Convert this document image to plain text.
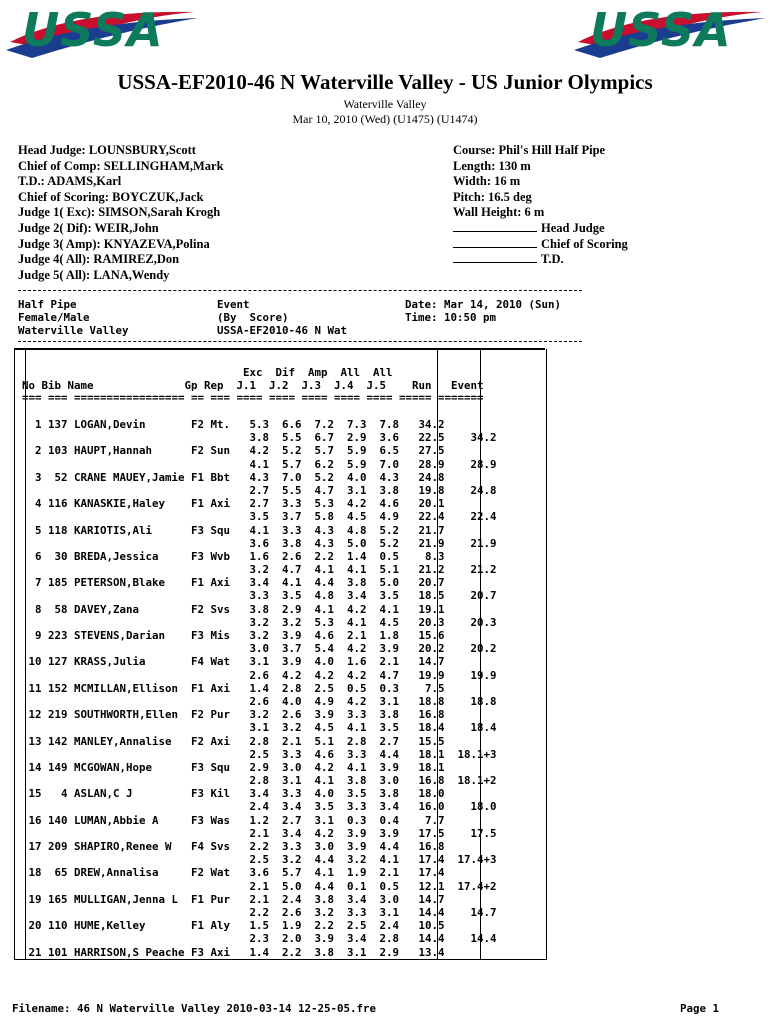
USSA	USSA
USSA-EF2010-46 N Waterville Valley - US Junior Olympics
Waterville Valley
Mar 10, 2010 (Wed) (U1475) (U1474)
Head Judge: LOUNSBURY,Scott
Chief of Comp: SELLINGHAM,Mark
T.D.: ADAMS,Karl
Chief of Scoring: BOYCZUK,Jack
Judge 1( Exc): SIMSON,Sarah Krogh
Judge 2( Dif): WEIR,John
Judge 3( Amp): KNYAZEVA,Polina
Judge 4( All): RAMIREZ,Don
Judge 5( All): LANA,Wendy
Course: Phil's Hill Half Pipe
Length: 130 m
Width: 16 m
Pitch: 16.5 deg
Wall Height: 6 m
Head Judge
Chief of Scoring
T.D.
Half Pipe	Event	Date: Mar 14, 2010 (Sun)
Female/Male	(By  Score)	Time: 10:50 pm
Waterville Valley	USSA-EF2010-46 N Wat
Exc  Dif  Amp  All  All
No Bib Name              Gp Rep  J.1  J.2  J.3  J.4  J.5    Run   Event
=== === ================= == === ==== ==== ==== ==== ==== ===== =======
1 137 LOGAN,Devin       F2 Mt.   5.3  6.6  7.2  7.3  7.8   34.2
3.8  5.5  6.7  2.9  3.6   22.5    34.2
2 103 HAUPT,Hannah      F2 Sun   4.2  5.2  5.7  5.9  6.5   27.5
4.1  5.7  6.2  5.9  7.0   28.9    28.9
3  52 CRANE MAUEY,Jamie F1 Bbt   4.3  7.0  5.2  4.0  4.3   24.8
2.7  5.5  4.7  3.1  3.8   19.8    24.8
4 116 KANASKIE,Haley    F1 Axi   2.7  3.3  5.3  4.2  4.6   20.1
3.5  3.7  5.8  4.5  4.9   22.4    22.4
5 118 KARIOTIS,Ali      F3 Squ   4.1  3.3  4.3  4.8  5.2   21.7
3.6  3.8  4.3  5.0  5.2   21.9    21.9
6  30 BREDA,Jessica     F3 Wvb   1.6  2.6  2.2  1.4  0.5    8.3
3.2  4.7  4.1  4.1  5.1   21.2    21.2
7 185 PETERSON,Blake    F1 Axi   3.4  4.1  4.4  3.8  5.0   20.7
3.3  3.5  4.8  3.4  3.5   18.5    20.7
8  58 DAVEY,Zana        F2 Svs   3.8  2.9  4.1  4.2  4.1   19.1
3.2  3.2  5.3  4.1  4.5   20.3    20.3
9 223 STEVENS,Darian    F3 Mis   3.2  3.9  4.6  2.1  1.8   15.6
3.0  3.7  5.4  4.2  3.9   20.2    20.2
10 127 KRASS,Julia       F4 Wat   3.1  3.9  4.0  1.6  2.1   14.7
2.6  4.2  4.2  4.2  4.7   19.9    19.9
11 152 MCMILLAN,Ellison  F1 Axi   1.4  2.8  2.5  0.5  0.3    7.5
2.6  4.0  4.9  4.2  3.1   18.8    18.8
12 219 SOUTHWORTH,Ellen  F2 Pur   3.2  2.6  3.9  3.3  3.8   16.8
3.1  3.2  4.5  4.1  3.5   18.4    18.4
13 142 MANLEY,Annalise   F2 Axi   2.8  2.1  5.1  2.8  2.7   15.5
2.5  3.3  4.6  3.3  4.4   18.1  18.1+3
14 149 MCGOWAN,Hope      F3 Squ   2.9  3.0  4.2  4.1  3.9   18.1
2.8  3.1  4.1  3.8  3.0   16.8  18.1+2
15   4 ASLAN,C J         F3 Kil   3.4  3.3  4.0  3.5  3.8   18.0
2.4  3.4  3.5  3.3  3.4   16.0    18.0
16 140 LUMAN,Abbie A     F3 Was   1.2  2.7  3.1  0.3  0.4    7.7
2.1  3.4  4.2  3.9  3.9   17.5    17.5
17 209 SHAPIRO,Renee W   F4 Svs   2.2  3.3  3.0  3.9  4.4   16.8
2.5  3.2  4.4  3.2  4.1   17.4  17.4+3
18  65 DREW,Annalisa     F2 Wat   3.6  5.7  4.1  1.9  2.1   17.4
2.1  5.0  4.4  0.1  0.5   12.1  17.4+2
19 165 MULLIGAN,Jenna L  F1 Pur   2.1  2.4  3.8  3.4  3.0   14.7
2.2  2.6  3.2  3.3  3.1   14.4    14.7
20 110 HUME,Kelley       F1 Aly   1.5  1.9  2.2  2.5  2.4   10.5
2.3  2.0  3.9  3.4  2.8   14.4    14.4
21 101 HARRISON,S Peache F3 Axi   1.4  2.2  3.8  3.1  2.9   13.4
Filename: 46 N Waterville Valley 2010-03-14 12-25-05.fre	Page 1
